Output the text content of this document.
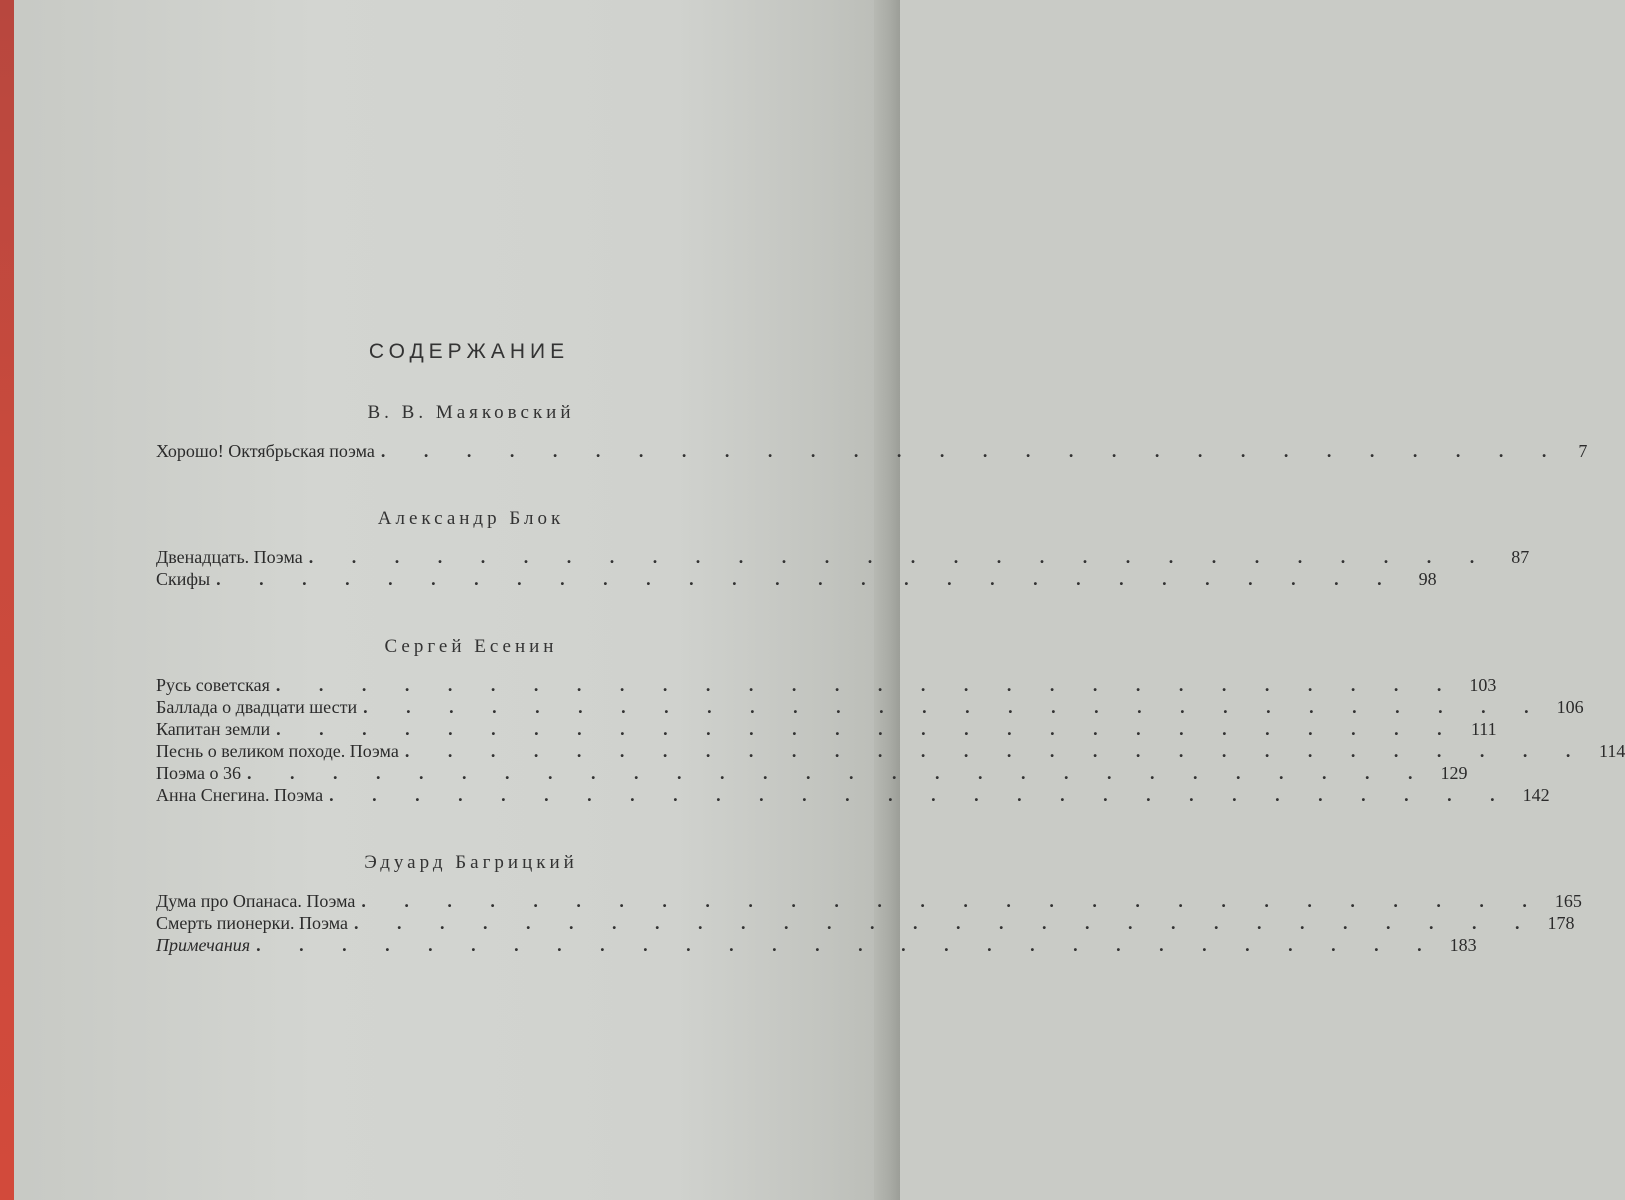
СОДЕРЖАНИЕ
В. В. Маяковский
Хорошо! Октябрьская поэма . . . . . . . . . . . . . . . . . . . . . . . . . . . . 7
Александр Блок
Двенадцать. Поэма . . . . . . . . . . . . . . . . . . . . . . . . . . . .	87
Скифы . . . . . . . . . . . . . . . . . . . . . . . . . . . .	98
Сергей Есенин
Русь советская . . . . . . . . . . . . . . . . . . . . . . . . . . . . 103
Баллада о двадцати шести . . . . . . . . . . . . . . . . . . . . . . . . . . . . 106
Капитан земли . . . . . . . . . . . . . . . . . . . . . . . . . . . . 111
Песнь о великом походе. Поэма . . . . . . . . . . . . . . . . . . . . . . . . . . . . 114
Поэма о 36 . . . . . . . . . . . . . . . . . . . . . . . . . . . . 129
Анна Снегина. Поэма . . . . . . . . . . . . . . . . . . . . . . . . . . . . 142
Эдуард Багрицкий
Дума про Опанаса. Поэма . . . . . . . . . . . . . . . . . . . . . . . . . . . . 165
Смерть пионерки. Поэма . . . . . . . . . . . . . . . . . . . . . . . . . . . . 178
Примечания . . . . . . . . . . . . . . . . . . . . . . . . . . . . 183
